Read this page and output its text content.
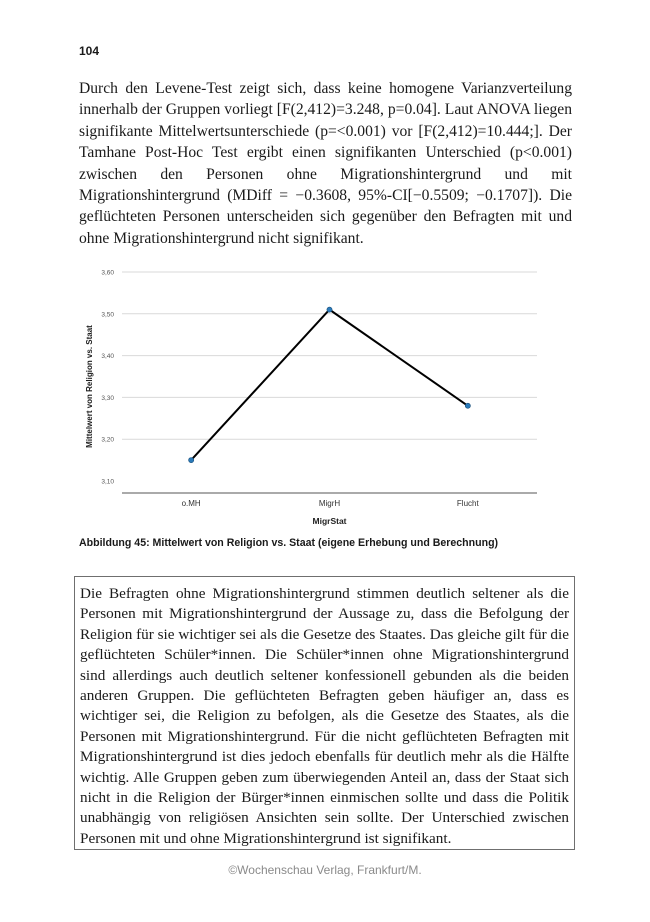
104

Durch den Levene-Test zeigt sich, dass keine homogene Varianzverteilung innerhalb der Gruppen vorliegt [F(2,412)=3.248, p=0.04]. Laut ANOVA liegen signifikante Mittelwertsunterschiede (p=<0.001) vor [F(2,412)=10.444;]. Der Tamhane Post-Hoc Test ergibt einen signifikanten Unterschied (p<0.001) zwischen den Personen ohne Migrationshintergrund und mit Migrationshintergrund (MDiff = −0.3608, 95%-CI[−0.5509; −0.1707]). Die geflüchteten Personen unterscheiden sich gegenüber den Befragten mit und ohne Migrationshintergrund nicht signifikant.

3,10
3,20
3,30
3,40
3,50
3,60
o.MH	MigrH	Flucht
MigrStat
Mittelwert von Religion vs. Staat
Abbildung 45: Mittelwert von Religion vs. Staat (eigene Erhebung und Berechnung)

Die Befragten ohne Migrationshintergrund stimmen deutlich seltener als die Personen mit Migrationshintergrund der Aussage zu, dass die Befolgung der Religion für sie wichtiger sei als die Gesetze des Staates. Das gleiche gilt für die geflüchteten Schüler*innen. Die Schüler*innen ohne Migrationshintergrund sind allerdings auch deutlich seltener konfessionell gebunden als die beiden anderen Gruppen. Die geflüchteten Befragten geben häufiger an, dass es wichtiger sei, die Religion zu befolgen, als die Gesetze des Staates, als die Personen mit Migrationshintergrund. Für die nicht geflüchteten Befragten mit Migrationshintergrund ist dies jedoch ebenfalls für deutlich mehr als die Hälfte wichtig. Alle Gruppen geben zum überwiegenden Anteil an, dass der Staat sich nicht in die Religion der Bürger*innen einmischen sollte und dass die Politik unabhängig von religiösen Ansichten sein sollte. Der Unterschied zwischen Personen mit und ohne Migrationshintergrund ist signifikant.

©Wochenschau Verlag, Frankfurt/M.
